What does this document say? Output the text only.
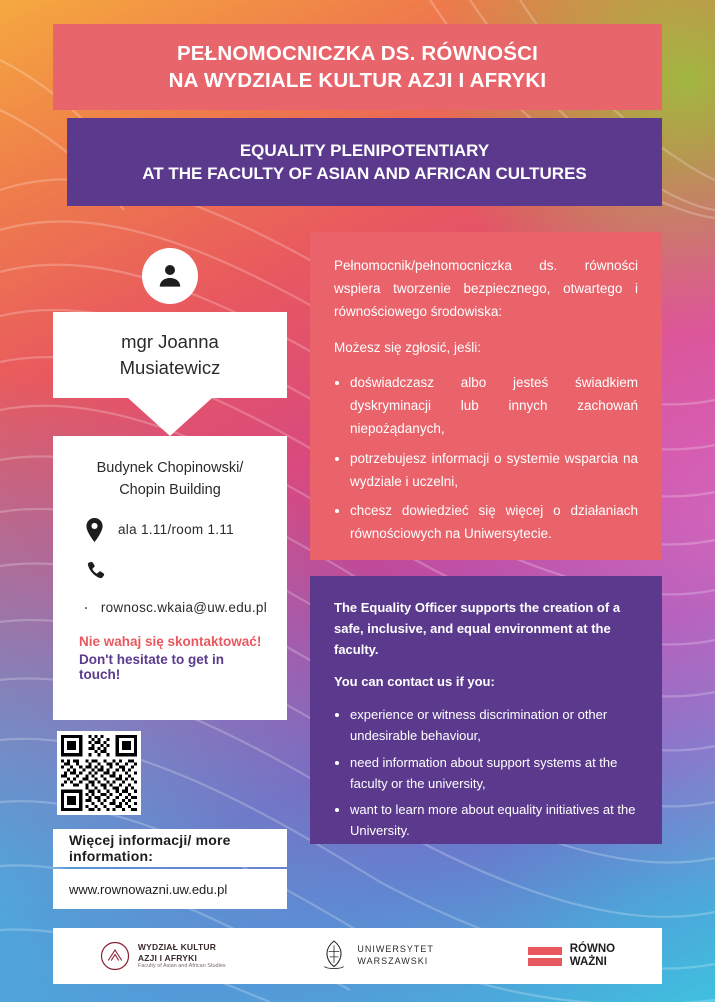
PEŁNOMOCNICZKA DS. RÓWNOŚCI
NA WYDZIALE KULTUR AZJI I AFRYKI
EQUALITY PLENIPOTENTIARY
AT THE FACULTY OF ASIAN AND AFRICAN CULTURES
mgr Joanna
Musiatewicz
Budynek Chopinowski/
Chopin Building
ala 1.11/room 1.11
rownosc.wkaia@uw.edu.pl
Nie wahaj się skontaktować!
Don't hesitate to get in touch!
Więcej informacji/ more information:
www.rownowazni.uw.edu.pl

Pełnomocnik/pełnomocniczka ds. równości wspiera tworzenie bezpiecznego, otwartego i równościowego środowiska:

Możesz się zgłosić, jeśli:

• doświadczasz albo jesteś świadkiem dyskryminacji lub innych zachowań niepożądanych,
• potrzebujesz informacji o systemie wsparcia na wydziale i uczelni,
• chcesz dowiedzieć się więcej o działaniach równościowych na Uniwersytecie.

The Equality Officer supports the creation of a safe, inclusive, and equal environment at the faculty.

You can contact us if you:

• experience or witness discrimination or other undesirable behaviour,
• need information about support systems at the faculty or the university,
• want to learn more about equality initiatives at the University.
WYDZIAŁ KULTUR
AZJI I AFRYKI
Faculty of Asian and African Studies
UNIWERSYTET
WARSZAWSKI
RÓWNO
WAŻNI
